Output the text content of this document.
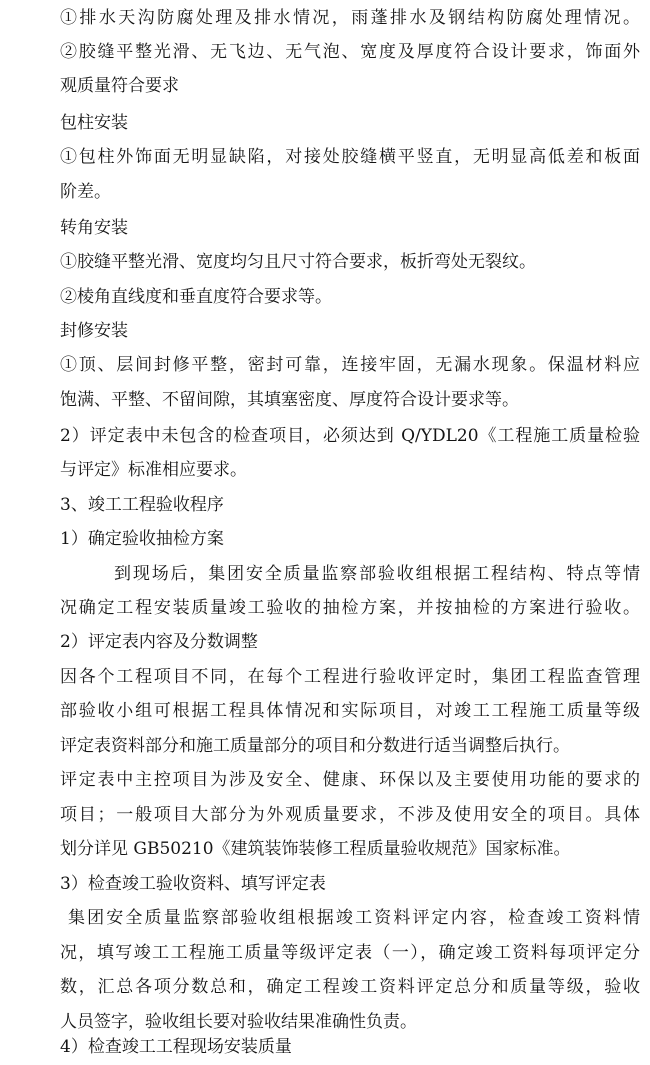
①排水天沟防腐处理及排水情况，雨蓬排水及钢结构防腐处理情况。
②胶缝平整光滑、无飞边、无气泡、宽度及厚度符合设计要求，饰面外
观质量符合要求
包柱安装
①包柱外饰面无明显缺陷，对接处胶缝横平竖直，无明显高低差和板面
阶差。
转角安装
①胶缝平整光滑、宽度均匀且尺寸符合要求，板折弯处无裂纹。
②棱角直线度和垂直度符合要求等。
封修安装
①顶、层间封修平整，密封可靠，连接牢固，无漏水现象。保温材料应
饱满、平整、不留间隙，其填塞密度、厚度符合设计要求等。
2）评定表中未包含的检查项目，必须达到 Q/YDL20《工程施工质量检验
与评定》标准相应要求。
3、竣工工程验收程序
1）确定验收抽检方案
到现场后，集团安全质量监察部验收组根据工程结构、特点等情
况确定工程安装质量竣工验收的抽检方案，并按抽检的方案进行验收。
2）评定表内容及分数调整
因各个工程项目不同，在每个工程进行验收评定时，集团工程监查管理
部验收小组可根据工程具体情况和实际项目，对竣工工程施工质量等级
评定表资料部分和施工质量部分的项目和分数进行适当调整后执行。
评定表中主控项目为涉及安全、健康、环保以及主要使用功能的要求的
项目；一般项目大部分为外观质量要求，不涉及使用安全的项目。具体
划分详见 GB50210《建筑装饰装修工程质量验收规范》国家标准。
3）检查竣工验收资料、填写评定表
集团安全质量监察部验收组根据竣工资料评定内容，检查竣工资料情
况，填写竣工工程施工质量等级评定表（一），确定竣工资料每项评定分
数，汇总各项分数总和，确定工程竣工资料评定总分和质量等级，验收
人员签字，验收组长要对验收结果准确性负责。
4）检查竣工工程现场安装质量
